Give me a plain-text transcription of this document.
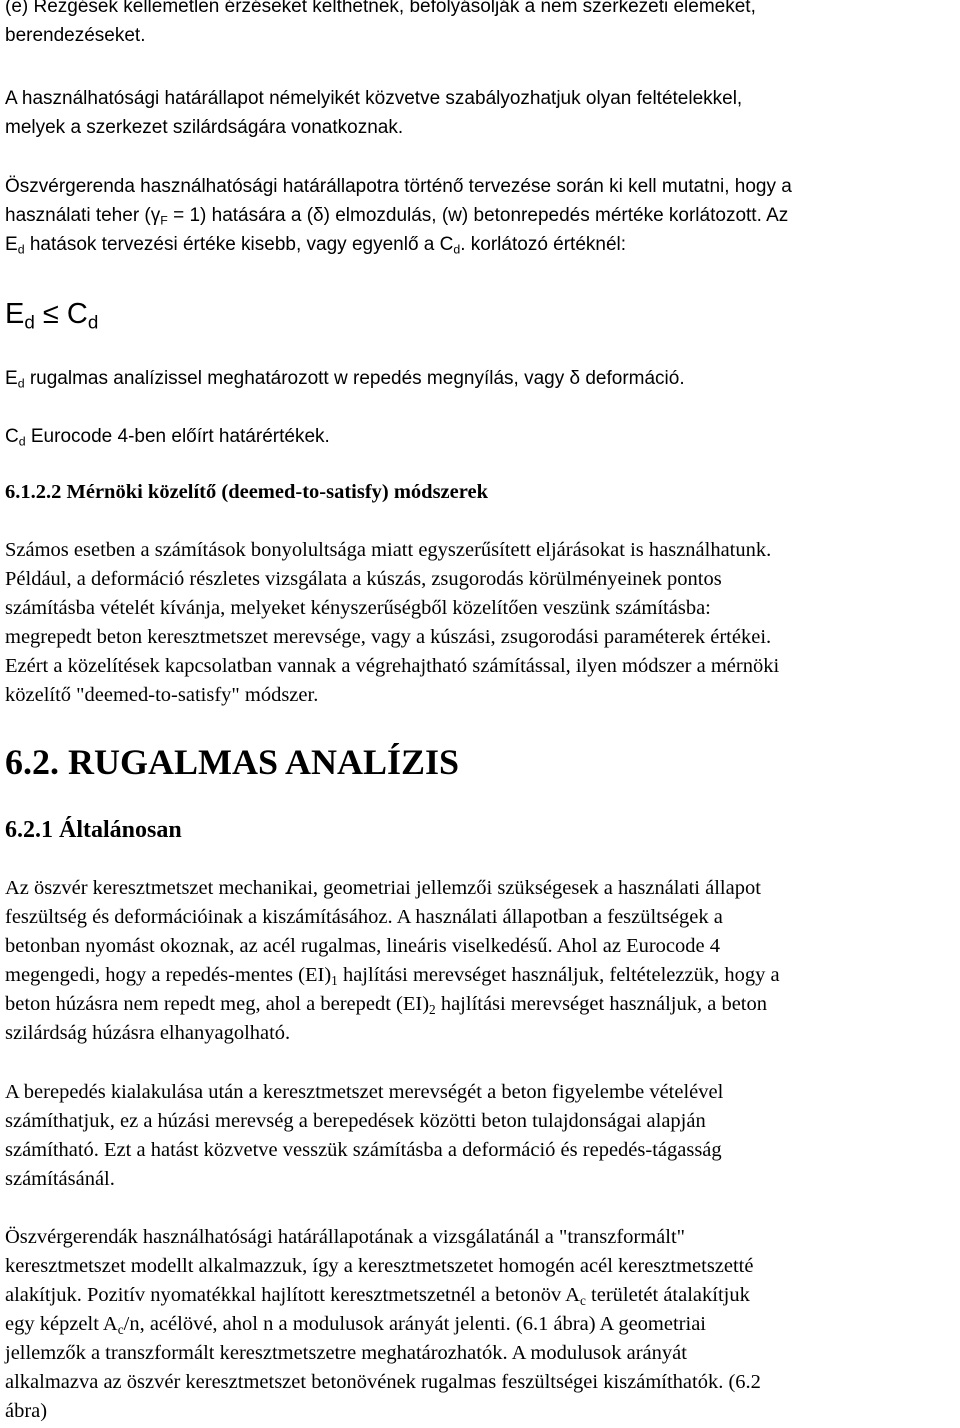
(e) Rezgések kellemetlen érzéseket kelthetnek, befolyásolják a nem szerkezeti elemeket,
berendezéseket.

A használhatósági határállapot némelyikét közvetve szabályozhatjuk olyan feltételekkel,
melyek a szerkezet szilárdságára vonatkoznak.

Öszvérgerenda használhatósági határállapotra történő tervezése során ki kell mutatni, hogy a
használati teher $(\gamma_F = 1)$ hatására a (δ) elmozdulás, (w) betonrepedés mértéke korlátozott. Az
$E_d$ hatások tervezési értéke kisebb, vagy egyenlő a $C_d$. korlátozó értéknél:

$E_d \le C_d$

$E_d$ rugalmas analízissel meghatározott w repedés megnyílás, vagy δ deformáció.

$C_d$ Eurocode 4-ben előírt határértékek.

6.1.2.2 Mérnöki közelítő (deemed-to-satisfy) módszerek

Számos esetben a számítások bonyolultsága miatt egyszerűsített eljárásokat is használhatunk.
Például, a deformáció részletes vizsgálata a kúszás, zsugorodás körülményeinek pontos
számításba vételét kívánja, melyeket kényszerűségből közelítően veszünk számításba:
megrepedt beton keresztmetszet merevsége, vagy a kúszási, zsugorodási paraméterek értékei.
Ezért a közelítések kapcsolatban vannak a végrehajtható számítással, ilyen módszer a mérnöki
közelítő "deemed-to-satisfy" módszer.

6.2. RUGALMAS ANALÍZIS
6.2.1 Általánosan

Az öszvér keresztmetszet mechanikai, geometriai jellemzői szükségesek a használati állapot
feszültség és deformációinak a kiszámításához. A használati állapotban a feszültségek a
betonban nyomást okoznak, az acél rugalmas, lineáris viselkedésű. Ahol az Eurocode 4
megengedi, hogy a repedés-mentes $(EI)_1$ hajlítási merevséget használjuk, feltételezzük, hogy a
beton húzásra nem repedt meg, ahol a berepedt $(EI)_2$ hajlítási merevséget használjuk, a beton
szilárdság húzásra elhanyagolható.

A berepedés kialakulása után a keresztmetszet merevségét a beton figyelembe vételével
számíthatjuk, ez a húzási merevség a berepedések közötti beton tulajdonságai alapján
számítható. Ezt a hatást közvetve vesszük számításba a deformáció és repedés-tágasság
számításánál.

Öszvérgerendák használhatósági határállapotának a vizsgálatánál a "transzformált"
keresztmetszet modellt alkalmazzuk, így a keresztmetszetet homogén acél keresztmetszetté
alakítjuk. Pozitív nyomatékkal hajlított keresztmetszetnél a betonöv $A_c$ területét átalakítjuk
egy képzelt $A_c/n$, acélövé, ahol n a modulusok arányát jelenti. (6.1 ábra) A geometriai
jellemzők a transzformált keresztmetszetre meghatározhatók. A modulusok arányát
alkalmazva az öszvér keresztmetszet betonövének rugalmas feszültségei kiszámíthatók. (6.2
ábra)
